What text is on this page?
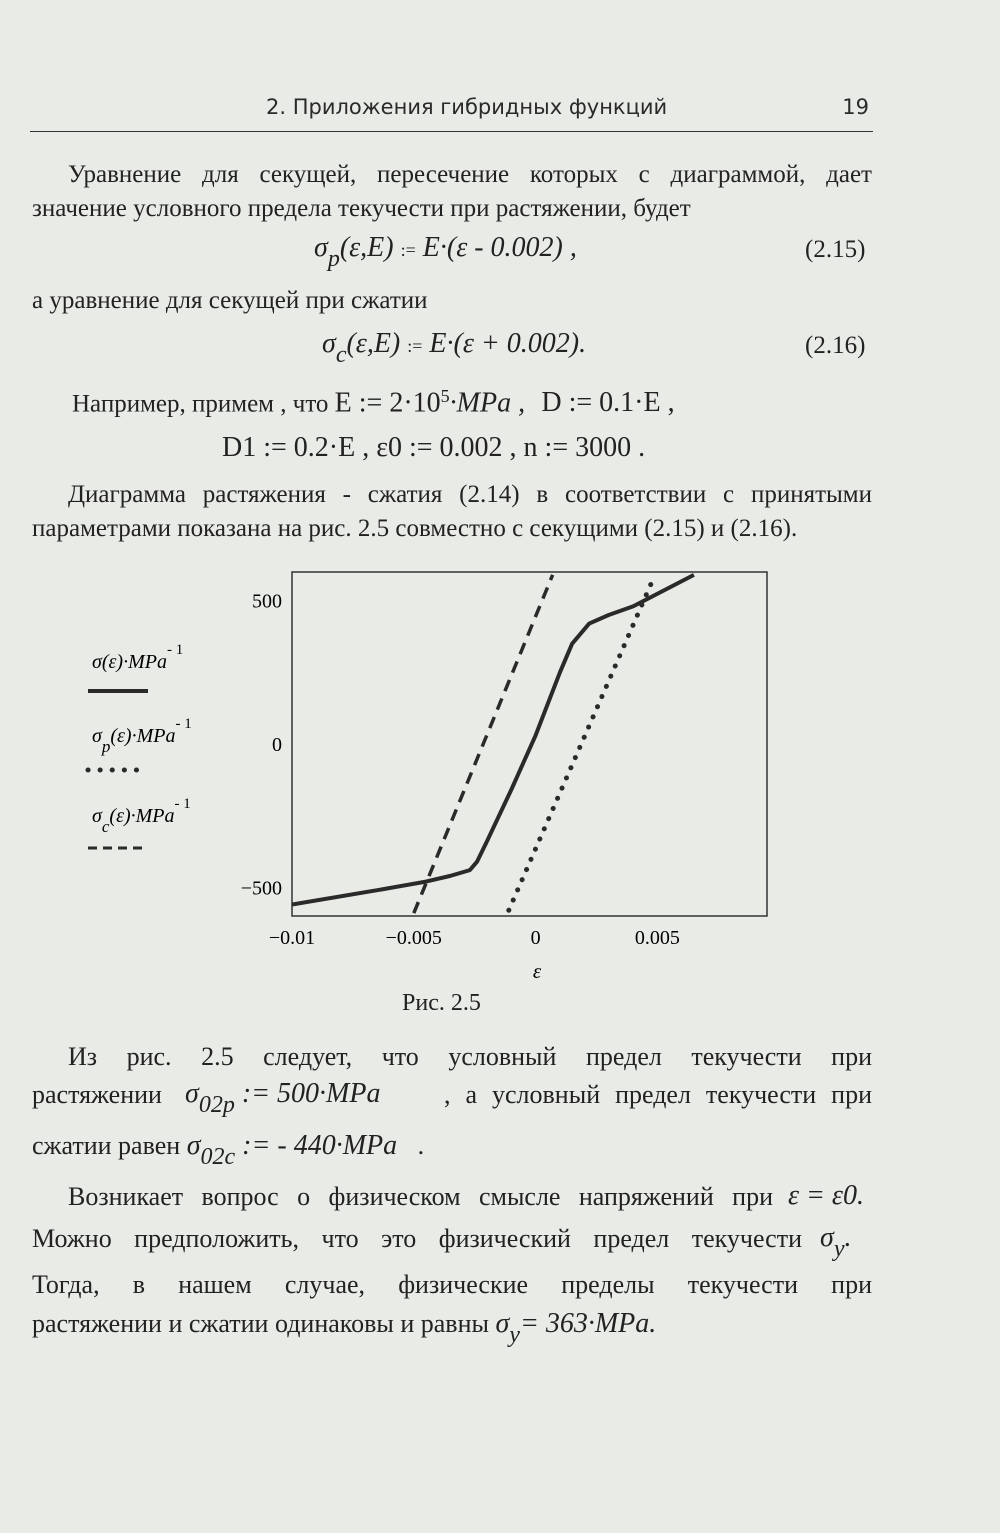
2. Приложения гибридных функций	19
Уравнение для секущей, пересечение которых с диаграммой, дает
значение условного предела текучести при растяжении, будет
$\sigma_p(\varepsilon,E)$ := E·(ε - 0.002) ,	(2.15)
а уравнение для секущей при сжатии
$\sigma_c(\varepsilon,E)$ := E·(ε + 0.002).	(2.16)
Например, примем , что E := $2\cdot 10^5\cdot MPa$ , D := 0.1·E ,
D1 := 0.2·E , ε0 := 0.002 , n := 3000 .
Диаграмма растяжения - сжатия (2.14) в соответствии с принятыми
параметрами показана на рис. 2.5 совместно с секущими (2.15) и (2.16).
σ(ε)·MPa$^{- 1}$
$\sigma_p(\varepsilon)\cdot MPa^{- 1}$
$\sigma_c(\varepsilon)\cdot MPa^{- 1}$
500
0
−500
−0.01	−0.005	0	0.005
ε
Рис. 2.5
Из рис. 2.5 следует, что условный предел текучести при
растяжении $\sigma_{02p}$ := 500·MPa , а условный предел текучести при
сжатии равен $\sigma_{02c}$ := - 440·MPa .
Возникает вопрос о физическом смысле напряжений при ε = ε0.
Можно предположить, что это физический предел текучести $\sigma_y$.
Тогда, в нашем случае, физические пределы текучести при
растяжении и сжатии одинаковы и равны $\sigma_y= 363\cdot MPa$.
